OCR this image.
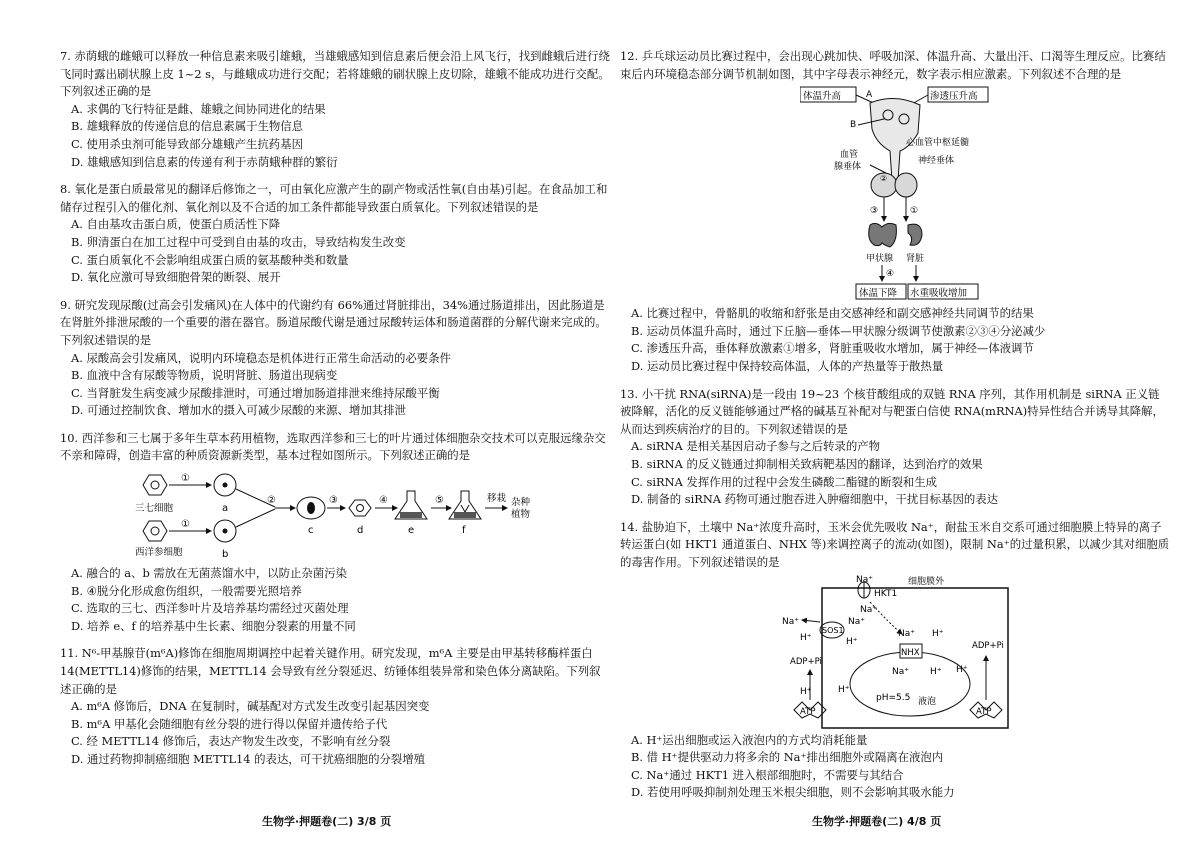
7. 赤荫蛾的雌蛾可以释放一种信息素来吸引雄蛾，当雄蛾感知到信息素后便会沿上风飞行，找到雌蛾后进行绕飞同时露出刷状腺上皮 1~2 s，与雌蛾成功进行交配；若将雄蛾的刷状腺上皮切除，雄蛾不能成功进行交配。下列叙述正确的是

A. 求偶的飞行特征是雌、雄蛾之间协同进化的结果

B. 雄蛾释放的传递信息的信息素属于生物信息

C. 使用杀虫剂可能导致部分雄蛾产生抗药基因

D. 雄蛾感知到信息素的传递有利于赤荫蛾种群的繁衍

8. 氧化是蛋白质最常见的翻译后修饰之一，可由氧化应激产生的副产物或活性氧(自由基)引起。在食品加工和储存过程引入的催化剂、氧化剂以及不合适的加工条件都能导致蛋白质氧化。下列叙述错误的是

A. 自由基攻击蛋白质，使蛋白质活性下降

B. 卵清蛋白在加工过程中可受到自由基的攻击，导致结构发生改变

C. 蛋白质氧化不会影响组成蛋白质的氨基酸种类和数量

D. 氧化应激可导致细胞骨架的断裂、展开

9. 研究发现尿酸(过高会引发痛风)在人体中的代谢约有 66%通过肾脏排出，34%通过肠道排出，因此肠道是在肾脏外排泄尿酸的一个重要的潜在器官。肠道尿酸代谢是通过尿酸转运体和肠道菌群的分解代谢来完成的。下列叙述错误的是

A. 尿酸高会引发痛风，说明内环境稳态是机体进行正常生命活动的必要条件

B. 血液中含有尿酸等物质，说明肾脏、肠道出现病变

C. 当肾脏发生病变减少尿酸排泄时，可通过增加肠道排泄来维持尿酸平衡

D. 可通过控制饮食、增加水的摄入可减少尿酸的来源、增加其排泄

10. 西洋参和三七属于多年生草本药用植物，选取西洋参和三七的叶片通过体细胞杂交技术可以克服远缘杂交不亲和障碍，创造丰富的种质资源新类型，基本过程如图所示。下列叙述正确的是

①
a
三七细胞
①
b
西洋参细胞
②
c
③
d
④
e
⑤
f
移栽 杂种
植物

A. 融合的 a、b 需放在无菌蒸馏水中，以防止杂菌污染

B. ④脱分化形成愈伤组织，一般需要光照培养

C. 选取的三七、西洋参叶片及培养基均需经过灭菌处理

D. 培养 e、f 的培养基中生长素、细胞分裂素的用量不同

11. N⁶-甲基腺苷(m⁶A)修饰在细胞周期调控中起着关键作用。研究发现，m⁶A 主要是由甲基转移酶样蛋白 14(METTL14)修饰的结果，METTL14 会导致有丝分裂延迟、纺锤体组装异常和染色体分离缺陷。下列叙述正确的是

A. m⁶A 修饰后，DNA 在复制时，碱基配对方式发生改变引起基因突变

B. m⁶A 甲基化会随细胞有丝分裂的进行得以保留并遗传给子代

C. 经 METTL14 修饰后，表达产物发生改变，不影响有丝分裂

D. 通过药物抑制癌细胞 METTL14 的表达，可干扰癌细胞的分裂增殖

12. 乒乓球运动员比赛过程中，会出现心跳加快、呼吸加深、体温升高、大量出汗、口渴等生理反应。比赛结束后内环境稳态部分调节机制如图，其中字母表示神经元，数字表示相应激素。下列叙述不合理的是

体温升高	渗透压升高
A
B
心血管中枢延髓
血管
腺垂体
神经垂体
②
③	①
甲状腺 肾脏
④
体温下降 水重吸收增加

A. 比赛过程中，骨骼肌的收缩和舒张是由交感神经和副交感神经共同调节的结果

B. 运动员体温升高时，通过下丘脑—垂体—甲状腺分级调节使激素②③④分泌减少

C. 渗透压升高，垂体释放激素①增多，肾脏重吸收水增加，属于神经—体液调节

D. 运动员比赛过程中保持较高体温，人体的产热量等于散热量

13. 小干扰 RNA(siRNA)是一段由 19~23 个核苷酸组成的双链 RNA 序列，其作用机制是 siRNA 正义链被降解，活化的反义链能够通过严格的碱基互补配对与靶蛋白信使 RNA(mRNA)特异性结合并诱导其降解，从而达到疾病治疗的目的。下列叙述错误的是

A. siRNA 是相关基因启动子参与之后转录的产物

B. siRNA 的反义链通过抑制相关致病靶基因的翻译，达到治疗的效果

C. siRNA 发挥作用的过程中会发生磷酸二酯键的断裂和生成

D. 制备的 siRNA 药物可通过胞吞进入肿瘤细胞中，干扰目标基因的表达

14. 盐胁迫下，土壤中 Na⁺浓度升高时，玉米会优先吸收 Na⁺，耐盐玉米自交系可通过细胞膜上特异的离子转运蛋白(如 HKT1 通道蛋白、NHX 等)来调控离子的流动(如图)，限制 Na⁺的过量积累，以减少其对细胞质的毒害作用。下列叙述错误的是

细胞膜外
Na⁺
HKT1
Na⁺
SOS1
Na⁺	Na⁺
H⁺	H⁺
ADP+Pi
H⁺	H⁺
ATP
pH=5.5 液泡
Na⁺ H⁺
NHX
Na⁺ H⁺ H⁺
ADP+Pi
ATP

A. H⁺运出细胞或运入液泡内的方式均消耗能量

B. 借 H⁺提供驱动力将多余的 Na⁺排出细胞外或隔离在液泡内

C. Na⁺通过 HKT1 进入根部细胞时，不需要与其结合

D. 若使用呼吸抑制剂处理玉米根尖细胞，则不会影响其吸水能力

生物学·押题卷(二) 3/8 页	生物学·押题卷(二) 4/8 页
